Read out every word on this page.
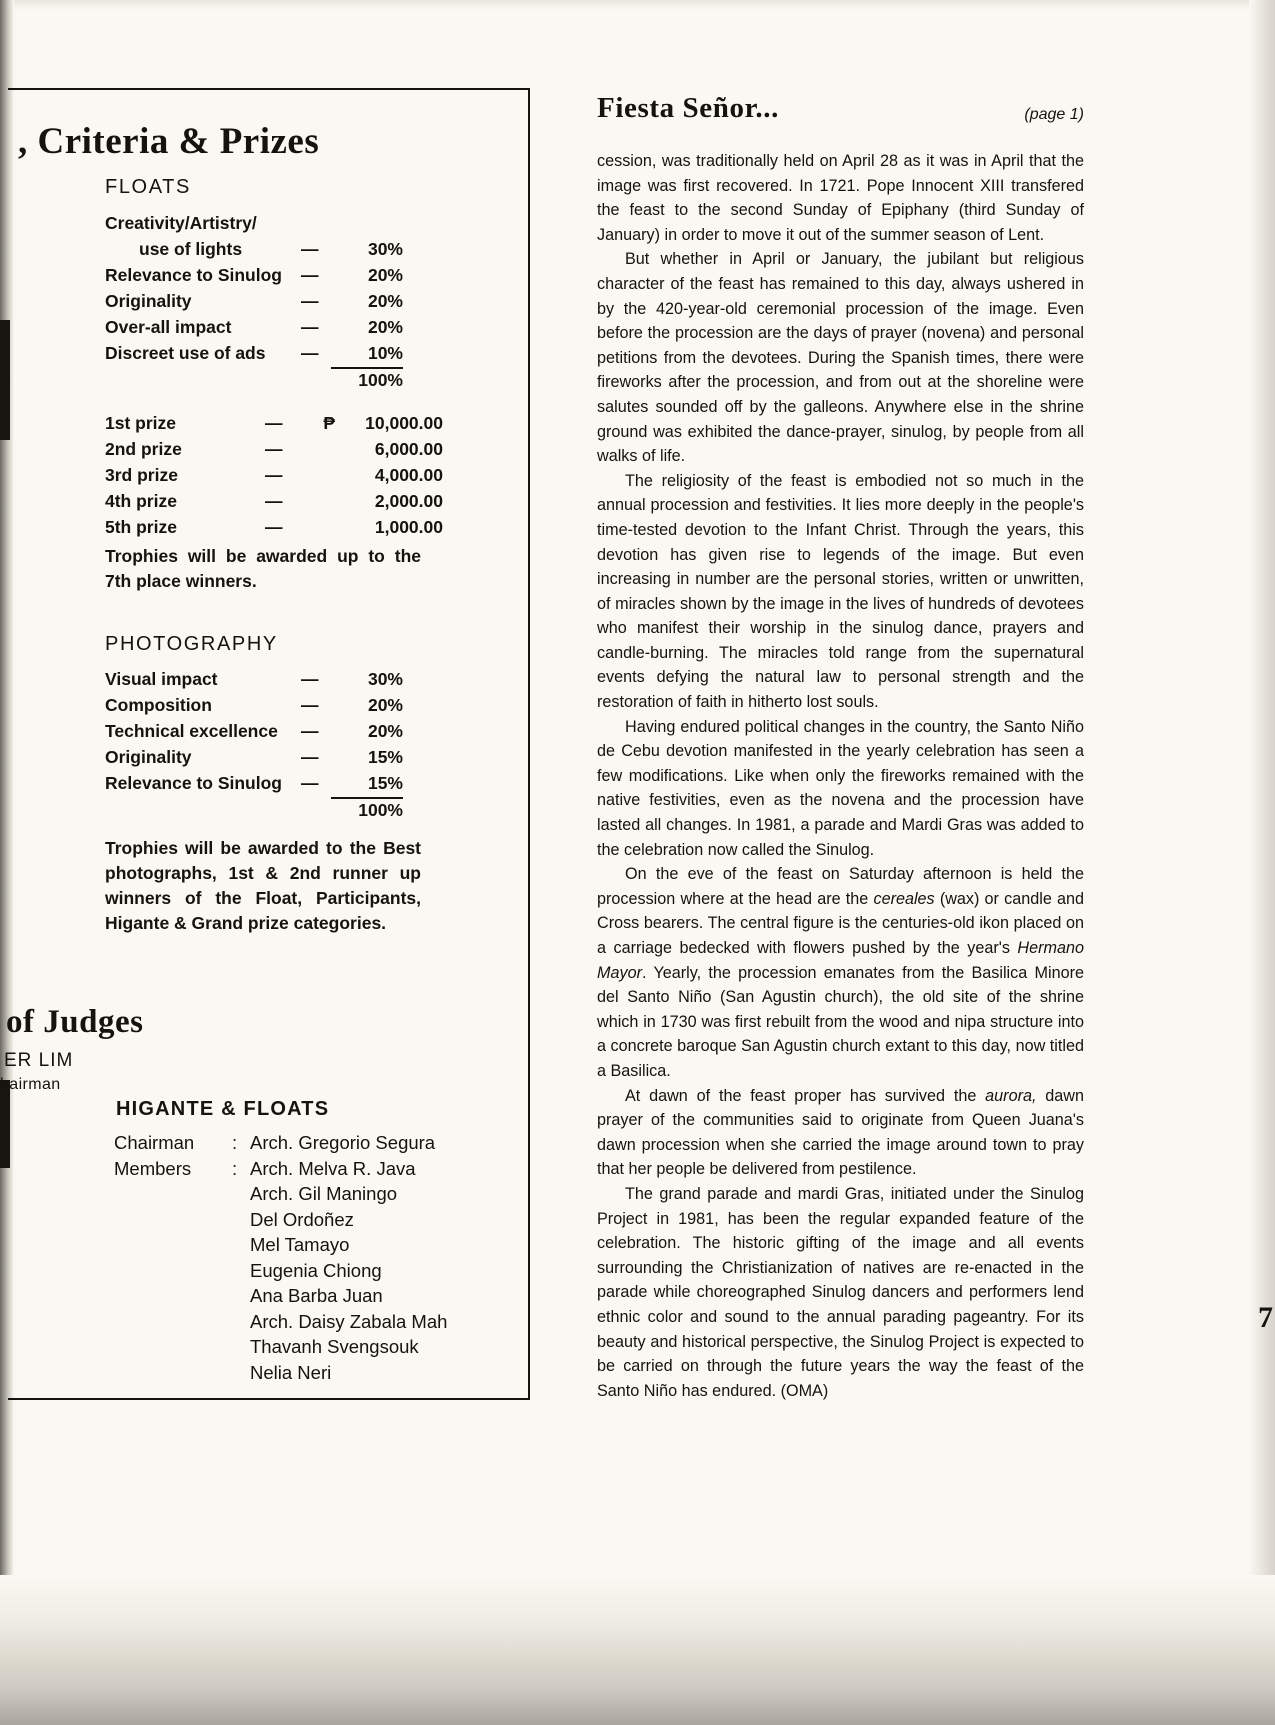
, Criteria & Prizes
FLOATS
Creativity/Artistry/
use of lights	—	30%
Relevance to Sinulog	—	20%
Originality	—	20%
Over-all impact	—	20%
Discreet use of ads	—	10%
100%
1st prize	—	₱	10,000.00
2nd prize	—	6,000.00
3rd prize	—	4,000.00
4th prize	—	2,000.00
5th prize	—	1,000.00
Trophies will be awarded up to the 7th place winners.
PHOTOGRAPHY
Visual impact	—	30%
Composition	—	20%
Technical excellence	—	20%
Originality	—	15%
Relevance to Sinulog	—	15%
100%
Trophies will be awarded to the Best photographs, 1st & 2nd runner up winners of the Float, Participants, Higante & Grand prize categories.
of Judges
ER LIM
hairman
HIGANTE & FLOATS
Chairman	: Arch. Gregorio Segura
Members	: Arch. Melva R. Java
Arch. Gil Maningo
Del Ordoñez
Mel Tamayo
Eugenia Chiong
Ana Barba Juan
Arch. Daisy Zabala Mah
Thavanh Svengsouk
Nelia Neri
Fiesta Señor...	(page 1)

cession, was traditionally held on April 28 as it was in April that the image was first recovered. In 1721. Pope Innocent XIII transfered the feast to the second Sunday of Epiphany (third Sunday of January) in order to move it out of the summer season of Lent.

But whether in April or January, the jubilant but religious character of the feast has remained to this day, always ushered in by the 420-year-old ceremonial procession of the image. Even before the procession are the days of prayer (novena) and personal petitions from the devotees. During the Spanish times, there were fireworks after the procession, and from out at the shoreline were salutes sounded off by the galleons. Anywhere else in the shrine ground was exhibited the dance-prayer, sinulog, by people from all walks of life.

The religiosity of the feast is embodied not so much in the annual procession and festivities. It lies more deeply in the people's time-tested devotion to the Infant Christ. Through the years, this devotion has given rise to legends of the image. But even increasing in number are the personal stories, written or unwritten, of miracles shown by the image in the lives of hundreds of devotees who manifest their worship in the sinulog dance, prayers and candle-burning. The miracles told range from the supernatural events defying the natural law to personal strength and the restoration of faith in hitherto lost souls.

Having endured political changes in the country, the Santo Niño de Cebu devotion manifested in the yearly celebration has seen a few modifications. Like when only the fireworks remained with the native festivities, even as the novena and the procession have lasted all changes. In 1981, a parade and Mardi Gras was added to the celebration now called the Sinulog.

On the eve of the feast on Saturday afternoon is held the procession where at the head are the cereales (wax) or candle and Cross bearers. The central figure is the centuries-old ikon placed on a carriage bedecked with flowers pushed by the year's Hermano Mayor. Yearly, the procession emanates from the Basilica Minore del Santo Niño (San Agustin church), the old site of the shrine which in 1730 was first rebuilt from the wood and nipa structure into a concrete baroque San Agustin church extant to this day, now titled a Basilica.

At dawn of the feast proper has survived the aurora, dawn prayer of the communities said to originate from Queen Juana's dawn procession when she carried the image around town to pray that her people be delivered from pestilence.

The grand parade and mardi Gras, initiated under the Sinulog Project in 1981, has been the regular expanded feature of the celebration. The historic gifting of the image and all events surrounding the Christianization of natives are re-enacted in the parade while choreographed Sinulog dancers and performers lend ethnic color and sound to the annual parading pageantry. For its beauty and historical perspective, the Sinulog Project is expected to be carried on through the future years the way the feast of the Santo Niño has endured. (OMA)

7
